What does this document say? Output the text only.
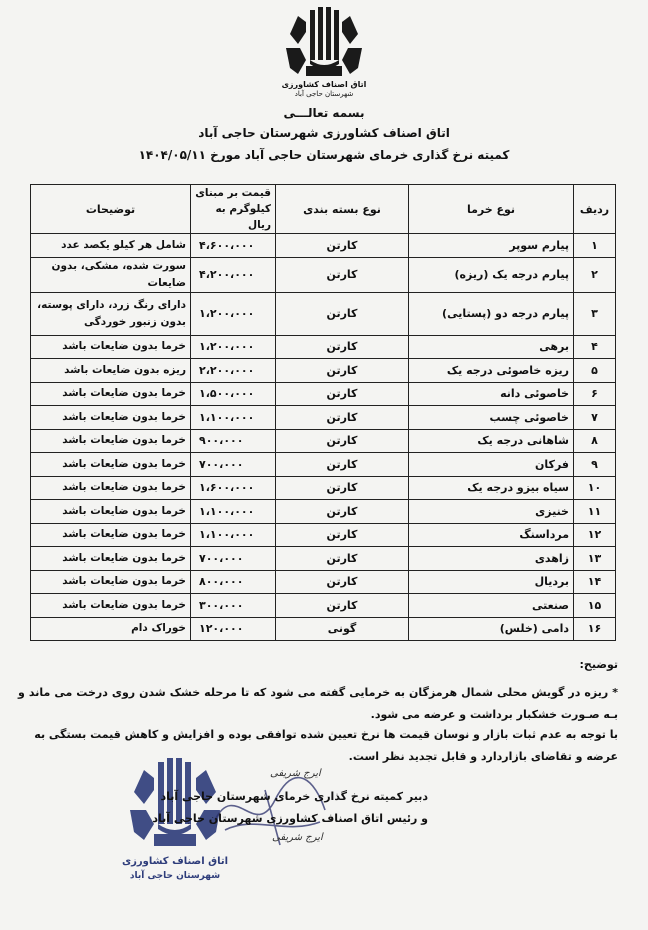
اتاق اصناف کشاورزی
شهرستان حاجی آباد
بسمه تعالـــی
اتاق اصناف کشاورزی شهرستان حاجی آباد
کمیته نرخ گذاری خرمای شهرستان حاجی آباد مورخ ۱۴۰۴/۰۵/۱۱
ردیف	نوع خرما	نوع بسته بندی	قیمت بر مبنای کیلوگرم به ریال	توضیحات
۱	پیارم سوپر	کارتن	۴،۶۰۰،۰۰۰	شامل هر کیلو یکصد عدد
۲	پیارم درجه یک (ریزه)	کارتن	۴،۲۰۰،۰۰۰	سورت شده، مشکی، بدون ضایعات
۳	پیارم درجه دو (پستایی)	کارتن	۱،۲۰۰،۰۰۰	دارای رنگ زرد، دارای پوسته، بدون زنبور خوردگی
۴	برهی	کارتن	۱،۲۰۰،۰۰۰	خرما بدون ضایعات باشد
۵	ریزه خاصوئی درجه یک	کارتن	۲،۲۰۰،۰۰۰	ریزه بدون ضایعات باشد
۶	خاصوئی دانه	کارتن	۱،۵۰۰،۰۰۰	خرما بدون ضایعات باشد
۷	خاصوئی چسب	کارتن	۱،۱۰۰،۰۰۰	خرما بدون ضایعات باشد
۸	شاهانی درجه یک	کارتن	۹۰۰،۰۰۰	خرما بدون ضایعات باشد
۹	فرکان	کارتن	۷۰۰،۰۰۰	خرما بدون ضایعات باشد
۱۰	سیاه بیزو درجه یک	کارتن	۱،۶۰۰،۰۰۰	خرما بدون ضایعات باشد
۱۱	خنیزی	کارتن	۱،۱۰۰،۰۰۰	خرما بدون ضایعات باشد
۱۲	مرداسنگ	کارتن	۱،۱۰۰،۰۰۰	خرما بدون ضایعات باشد
۱۳	زاهدی	کارتن	۷۰۰،۰۰۰	خرما بدون ضایعات باشد
۱۴	بردیال	کارتن	۸۰۰،۰۰۰	خرما بدون ضایعات باشد
۱۵	صنعتی	کارتن	۳۰۰،۰۰۰	خرما بدون ضایعات باشد
۱۶	دامی (خلس)	گونی	۱۲۰،۰۰۰	خوراک دام
توضیح:
* ریزه در گویش محلی شمال هرمزگان به خرمایی گفته می شود که تا مرحله خشک شدن روی درخت می ماند و بـه صـورت خشکبار برداشت و عرضه می شود.
با توجه به عدم ثبات بازار و نوسان قیمت ها نرخ تعیین شده توافقی بوده و افزایش و کاهش قیمت بستگی به عرضه و تقاضای بازاردارد و قابل تجدید نظر است.
اتاق اصناف کشاورزی
شهرستان حاجی آباد
ایرج شریفی
دبیر کمیته نرخ گذاری خرمای شهرستان حاجی آباد
و رئیس اتاق اصناف کشاورزی شهرستان حاجی آباد
ایرج شریفی
